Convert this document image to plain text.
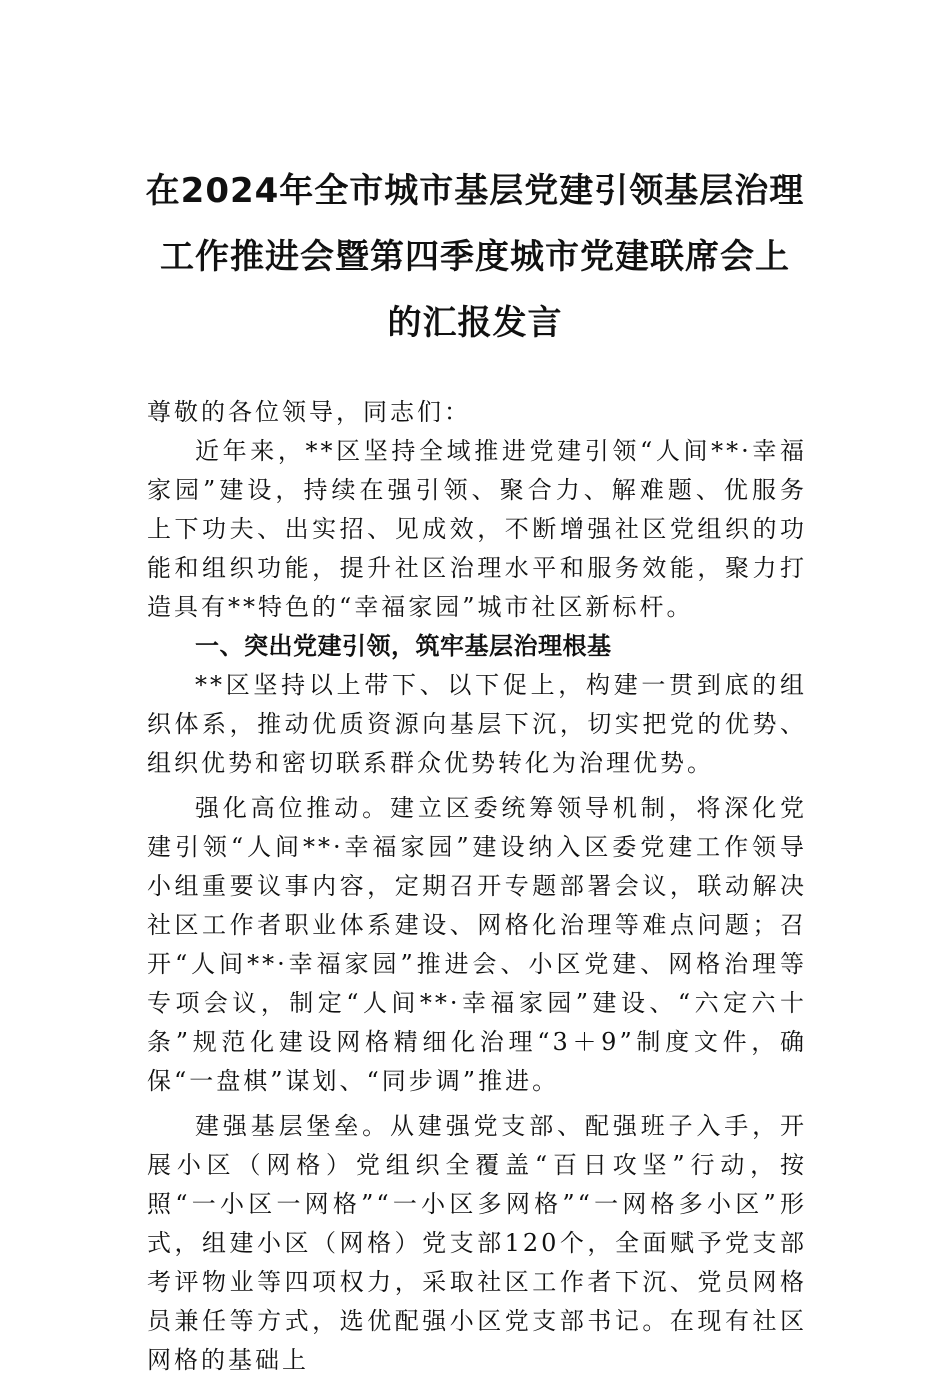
在2024年全市城市基层党建引领基层治理
工作推进会暨第四季度城市党建联席会上
的汇报发言

尊敬的各位领导，同志们：

近年来，**区坚持全域推进党建引领“人间**·幸福家园”建设，持续在强引领、聚合力、解难题、优服务上下功夫、出实招、见成效，不断增强社区党组织的功能和组织功能，提升社区治理水平和服务效能，聚力打造具有**特色的“幸福家园”城市社区新标杆。

一、突出党建引领，筑牢基层治理根基

**区坚持以上带下、以下促上，构建一贯到底的组织体系，推动优质资源向基层下沉，切实把党的优势、组织优势和密切联系群众优势转化为治理优势。

强化高位推动。建立区委统筹领导机制，将深化党建引领“人间**·幸福家园”建设纳入区委党建工作领导小组重要议事内容，定期召开专题部署会议，联动解决社区工作者职业体系建设、网格化治理等难点问题；召开“人间**·幸福家园”推进会、小区党建、网格治理等专项会议，制定“人间**·幸福家园”建设、“六定六十条”规范化建设网格精细化治理“3＋9”制度文件，确保“一盘棋”谋划、“同步调”推进。

建强基层堡垒。从建强党支部、配强班子入手，开展小区（网格）党组织全覆盖“百日攻坚”行动，按照“一小区一网格”“一小区多网格”“一网格多小区”形式，组建小区（网格）党支部120个，全面赋予党支部考评物业等四项权力，采取社区工作者下沉、党员网格员兼任等方式，选优配强小区党支部书记。在现有社区网格的基础上
